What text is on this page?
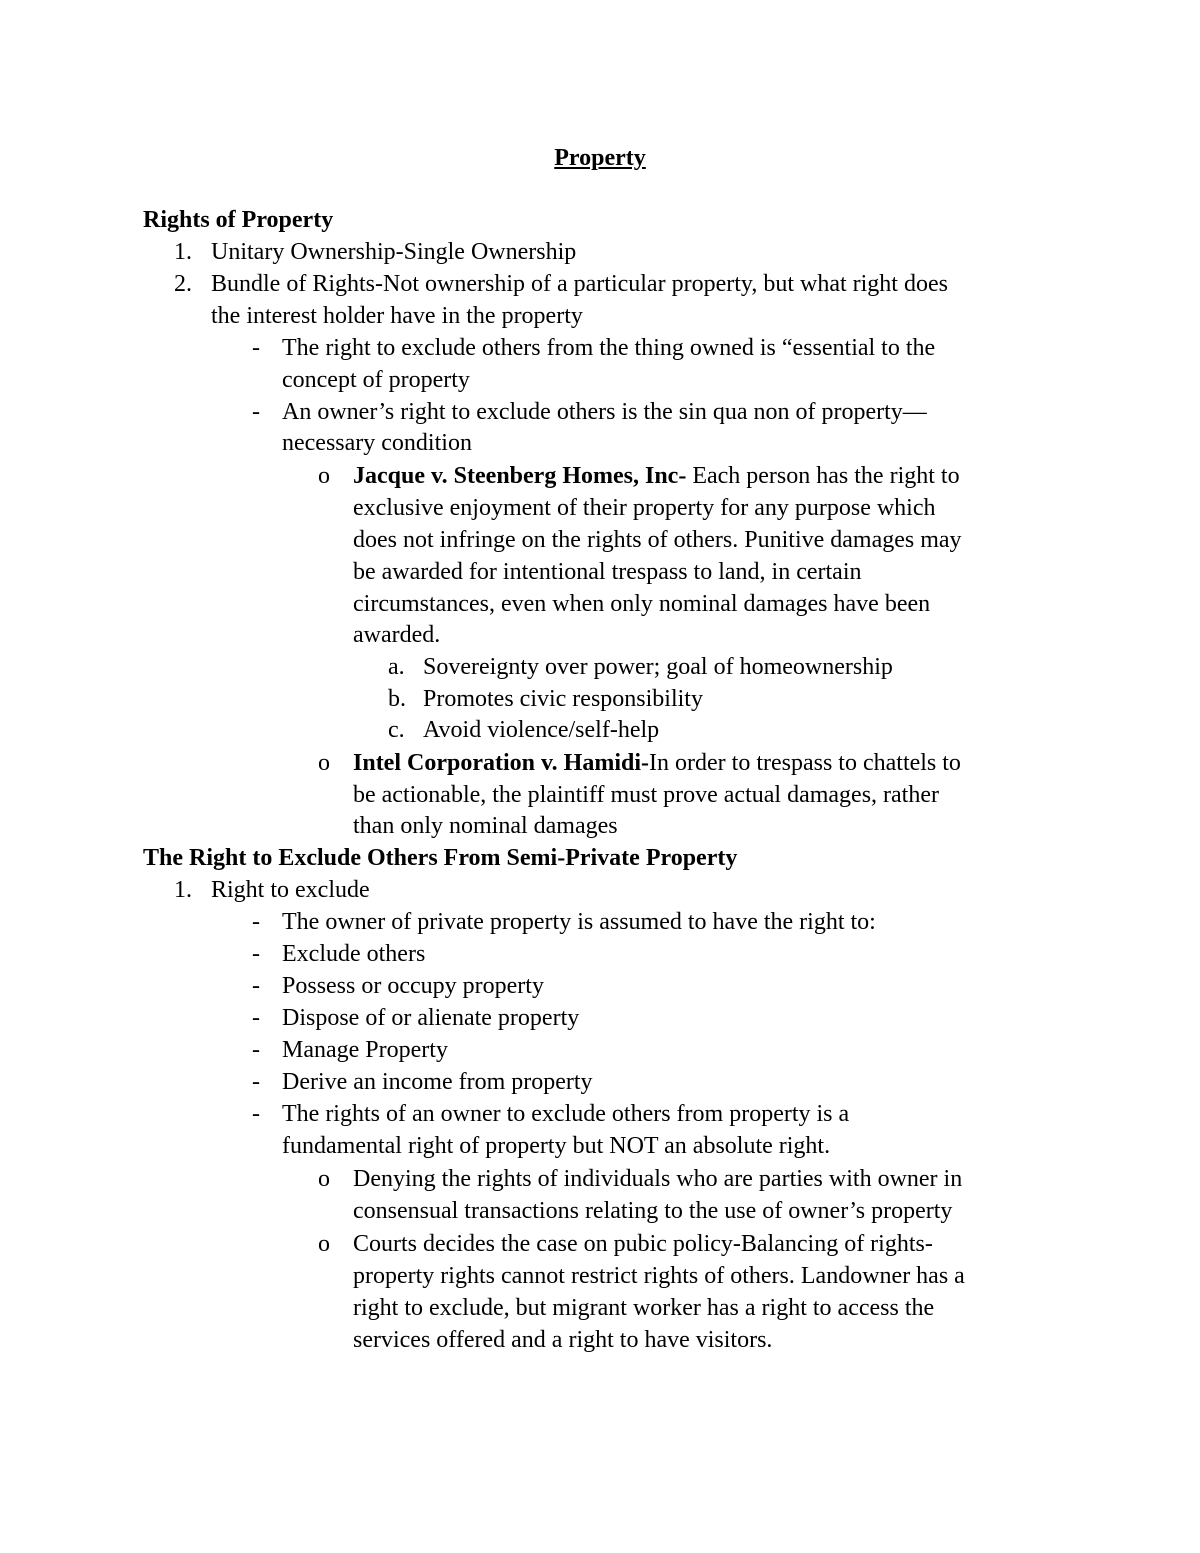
Property
Rights of Property
1. Unitary Ownership-Single Ownership
2. Bundle of Rights-Not ownership of a particular property, but what right does
the interest holder have in the property
- The right to exclude others from the thing owned is “essential to the
concept of property
- An owner’s right to exclude others is the sin qua non of property—
necessary condition
o Jacque v. Steenberg Homes, Inc- Each person has the right to
exclusive enjoyment of their property for any purpose which
does not infringe on the rights of others. Punitive damages may
be awarded for intentional trespass to land, in certain
circumstances, even when only nominal damages have been
awarded.
a. Sovereignty over power; goal of homeownership
b. Promotes civic responsibility
c. Avoid violence/self-help
o Intel Corporation v. Hamidi-In order to trespass to chattels to
be actionable, the plaintiff must prove actual damages, rather
than only nominal damages
The Right to Exclude Others From Semi-Private Property
1. Right to exclude
- The owner of private property is assumed to have the right to:
- Exclude others
- Possess or occupy property
- Dispose of or alienate property
- Manage Property
- Derive an income from property
- The rights of an owner to exclude others from property is a
fundamental right of property but NOT an absolute right.
o Denying the rights of individuals who are parties with owner in
consensual transactions relating to the use of owner’s property
o Courts decides the case on pubic policy-Balancing of rights-
property rights cannot restrict rights of others. Landowner has a
right to exclude, but migrant worker has a right to access the
services offered and a right to have visitors.
